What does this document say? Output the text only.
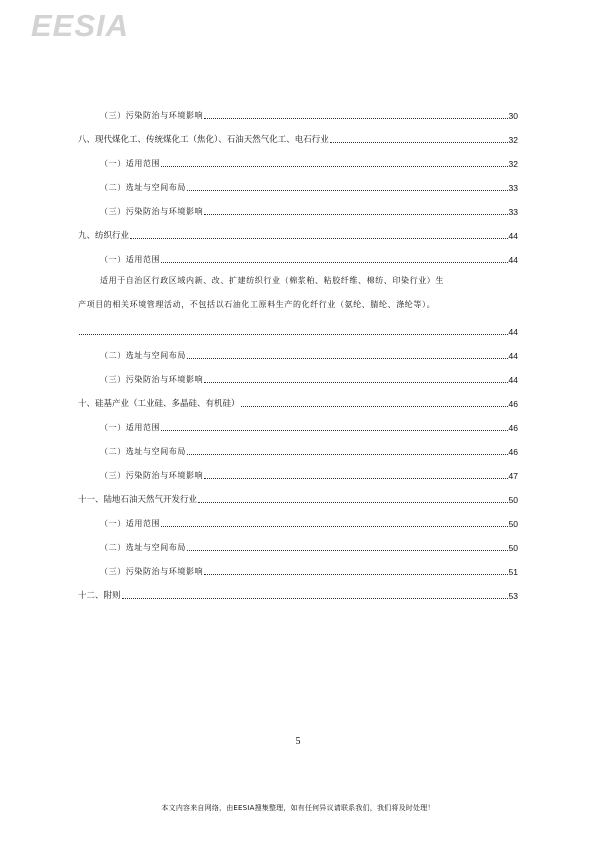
EESIA
（三）污染防治与环境影响	30
八、现代煤化工、传统煤化工（焦化）、石油天然气化工、电石行业	32
（一）适用范围	32
（二）选址与空间布局	33
（三）污染防治与环境影响	33
九、纺织行业	44
（一）适用范围	44
适用于自治区行政区域内新、改、扩建纺织行业（棉浆粕、粘胶纤维、棉纺、印染行业）生
产项目的相关环境管理活动，不包括以石油化工原料生产的化纤行业（氨纶、腈纶、涤纶等）。
44
（二）选址与空间布局	44
（三）污染防治与环境影响	44
十、硅基产业（工业硅、多晶硅、有机硅）	46
（一）适用范围	46
（二）选址与空间布局	46
（三）污染防治与环境影响	47
十一、陆地石油天然气开发行业	50
（一）适用范围	50
（二）选址与空间布局	50
（三）污染防治与环境影响	51
十二、附则	53
5
本文内容来自网络，由EESIA搜集整理，如有任何异议请联系我们，我们将及时处理！
